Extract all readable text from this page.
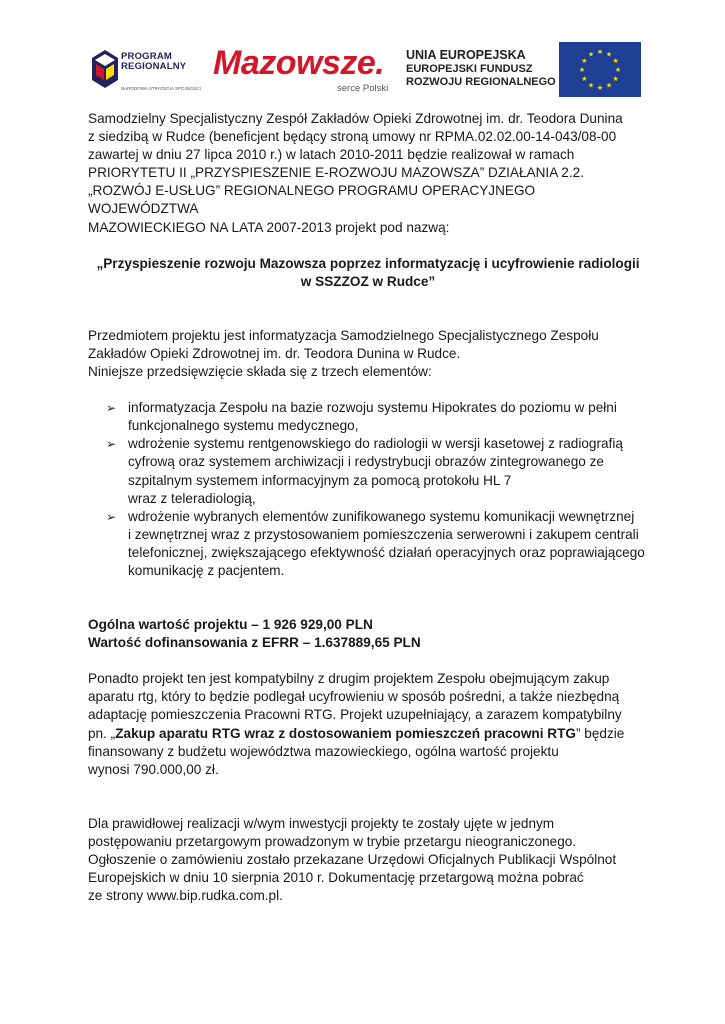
PROGRAM
REGIONALNY
NARODOWA STRATEGIA SPÓJNOŚCI
Mazowsze.
serce Polski
UNIA EUROPEJSKA
EUROPEJSKI FUNDUSZ
ROZWOJU REGIONALNEGO
★ ★
★
★
★
★
★
★
★
★
★
★

Samodzielny Specjalistyczny Zespół Zakładów Opieki Zdrowotnej im. dr. Teodora Dunina
z siedzibą w Rudce (beneficjent będący stroną umowy nr RPMA.02.02.00-14-043/08-00
zawartej w dniu 27 lipca 2010 r.) w latach 2010-2011 będzie realizował w ramach
PRIORYTETU II „PRZYSPIESZENIE E-ROZWOJU MAZOWSZA” DZIAŁANIA 2.2.
„ROZWÓJ E-USŁUG” REGIONALNEGO PROGRAMU OPERACYJNEGO WOJEWÓDZTWA
MAZOWIECKIEGO NA LATA 2007-2013 projekt pod nazwą:

„Przyspieszenie rozwoju Mazowsza poprzez informatyzację i ucyfrowienie radiologii
w SSZZOZ w Rudce”

Przedmiotem projektu jest informatyzacja Samodzielnego Specjalistycznego Zespołu
Zakładów Opieki Zdrowotnej im. dr. Teodora Dunina w Rudce.
Niniejsze przedsięwzięcie składa się z trzech elementów:

➢ informatyzacja Zespołu na bazie rozwoju systemu Hipokrates do poziomu w pełni
funkcjonalnego systemu medycznego,
➢ wdrożenie systemu rentgenowskiego do radiologii w wersji kasetowej z radiografią
cyfrową oraz systemem archiwizacji i redystrybucji obrazów zintegrowanego ze
szpitalnym systemem informacyjnym za pomocą protokołu HL 7
wraz z teleradiologią,
➢ wdrożenie wybranych elementów zunifikowanego systemu komunikacji wewnętrznej
i zewnętrznej wraz z przystosowaniem pomieszczenia serwerowni i zakupem centrali
telefonicznej, zwiększającego efektywność działań operacyjnych oraz poprawiającego
komunikację z pacjentem.

Ogólna wartość projektu – 1 926 929,00 PLN
Wartość dofinansowania z EFRR – 1.637889,65 PLN

Ponadto projekt ten jest kompatybilny z drugim projektem Zespołu obejmującym zakup
aparatu rtg, który to będzie podlegał ucyfrowieniu w sposób pośredni, a także niezbędną
adaptację pomieszczenia Pracowni RTG. Projekt uzupełniający, a zarazem kompatybilny
pn. „Zakup aparatu RTG wraz z dostosowaniem pomieszczeń pracowni RTG” będzie
finansowany z budżetu województwa mazowieckiego, ogólna wartość projektu
wynosi 790.000,00 zł.

Dla prawidłowej realizacji w/wym inwestycji projekty te zostały ujęte w jednym
postępowaniu przetargowym prowadzonym w trybie przetargu nieograniczonego.
Ogłoszenie o zamówieniu zostało przekazane Urzędowi Oficjalnych Publikacji Wspólnot
Europejskich w dniu 10 sierpnia 2010 r. Dokumentację przetargową można pobrać
ze strony www.bip.rudka.com.pl.
